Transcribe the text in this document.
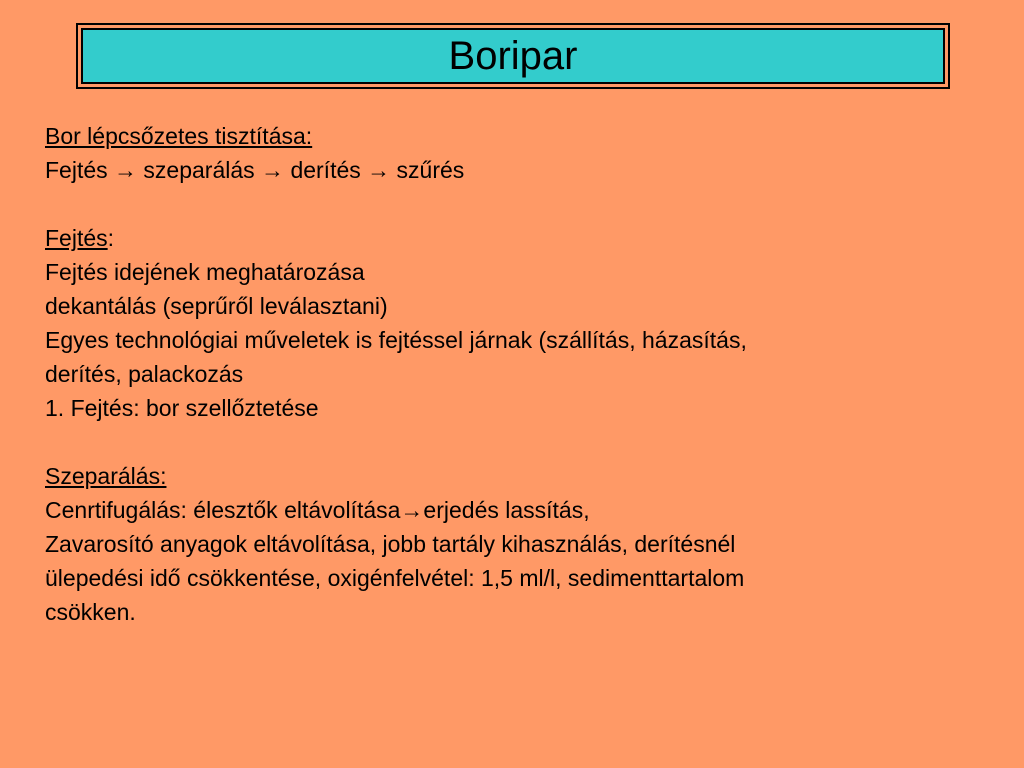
Boripar
Bor lépcsőzetes tisztítása:
Fejtés → szeparálás → derítés → szűrés
Fejtés:
Fejtés idejének meghatározása
dekantálás (seprűről leválasztani)
Egyes technológiai műveletek is fejtéssel járnak (szállítás, házasítás,
derítés, palackozás
1. Fejtés: bor szellőztetése
Szeparálás:
Cenrtifugálás: élesztők eltávolítása→erjedés lassítás,
Zavarosító anyagok eltávolítása, jobb tartály kihasználás, derítésnél
ülepedési idő csökkentése, oxigénfelvétel: 1,5 ml/l, sedimenttartalom
csökken.
